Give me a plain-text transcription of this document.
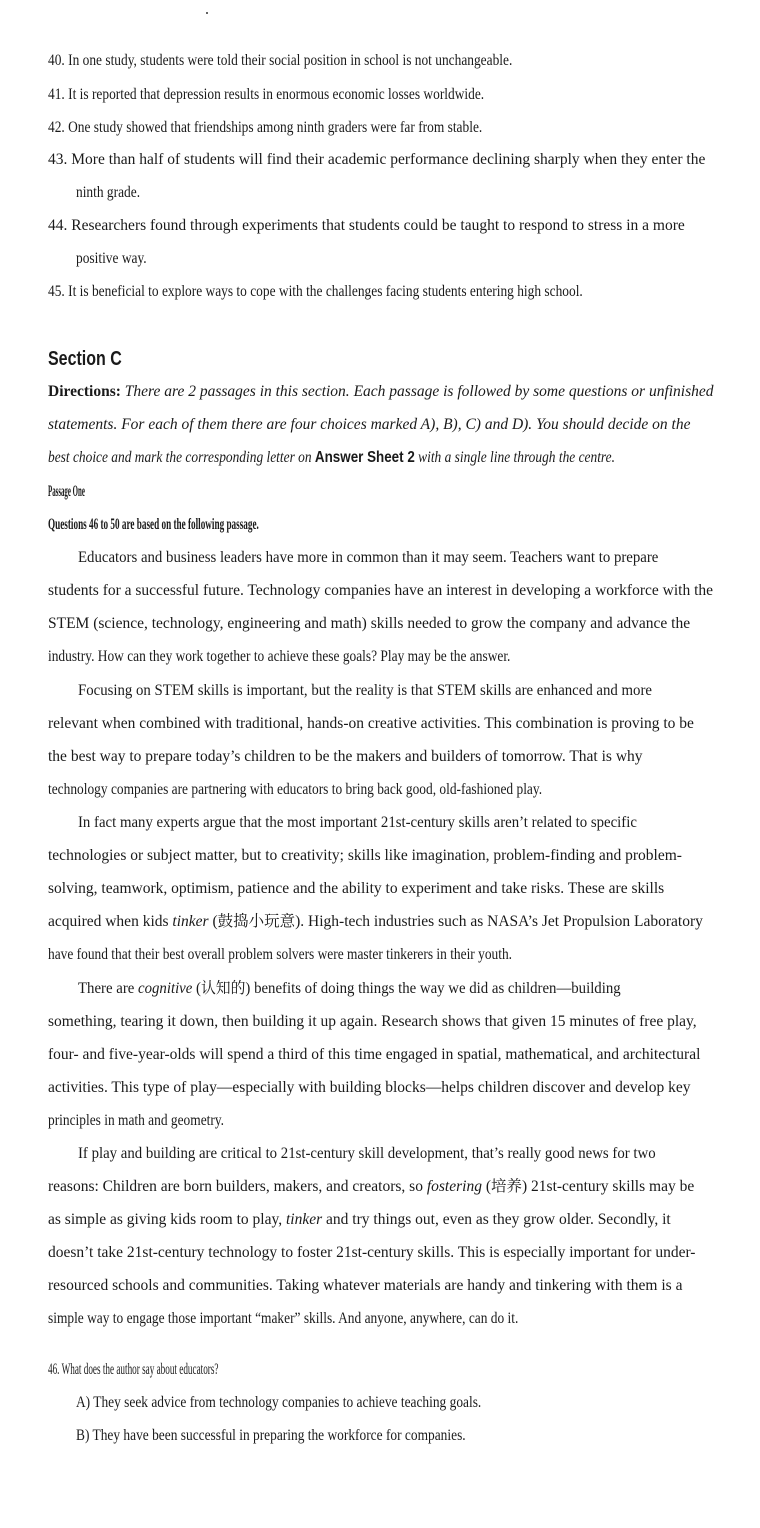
40. In one study, students were told their social position in school is not unchangeable.
41. It is reported that depression results in enormous economic losses worldwide.
42. One study showed that friendships among ninth graders were far from stable.
43. More than half of students will find their academic performance declining sharply when they enter the
ninth grade.
44. Researchers found through experiments that students could be taught to respond to stress in a more
positive way.
45. It is beneficial to explore ways to cope with the challenges facing students entering high school.
Section C
Directions: There are 2 passages in this section. Each passage is followed by some questions or unfinished
statements. For each of them there are four choices marked A), B), C) and D). You should decide on the
best choice and mark the corresponding letter on Answer Sheet 2 with a single line through the centre.
Passage One
Questions 46 to 50 are based on the following passage.
Educators and business leaders have more in common than it may seem. Teachers want to prepare
students for a successful future. Technology companies have an interest in developing a workforce with the
STEM (science, technology, engineering and math) skills needed to grow the company and advance the
industry. How can they work together to achieve these goals? Play may be the answer.
Focusing on STEM skills is important, but the reality is that STEM skills are enhanced and more
relevant when combined with traditional, hands-on creative activities. This combination is proving to be
the best way to prepare today’s children to be the makers and builders of tomorrow. That is why
technology companies are partnering with educators to bring back good, old-fashioned play.
In fact many experts argue that the most important 21st-century skills aren’t related to specific
technologies or subject matter, but to creativity; skills like imagination, problem-finding and problem-
solving, teamwork, optimism, patience and the ability to experiment and take risks. These are skills
acquired when kids tinker (鼓捣小玩意). High-tech industries such as NASA’s Jet Propulsion Laboratory
have found that their best overall problem solvers were master tinkerers in their youth.
There are cognitive (认知的) benefits of doing things the way we did as children—building
something, tearing it down, then building it up again. Research shows that given 15 minutes of free play,
four- and five-year-olds will spend a third of this time engaged in spatial, mathematical, and architectural
activities. This type of play—especially with building blocks—helps children discover and develop key
principles in math and geometry.
If play and building are critical to 21st-century skill development, that’s really good news for two
reasons: Children are born builders, makers, and creators, so fostering (培养) 21st-century skills may be
as simple as giving kids room to play, tinker and try things out, even as they grow older. Secondly, it
doesn’t take 21st-century technology to foster 21st-century skills. This is especially important for under-
resourced schools and communities. Taking whatever materials are handy and tinkering with them is a
simple way to engage those important “maker” skills. And anyone, anywhere, can do it.
46. What does the author say about educators?
A) They seek advice from technology companies to achieve teaching goals.
B) They have been successful in preparing the workforce for companies.
